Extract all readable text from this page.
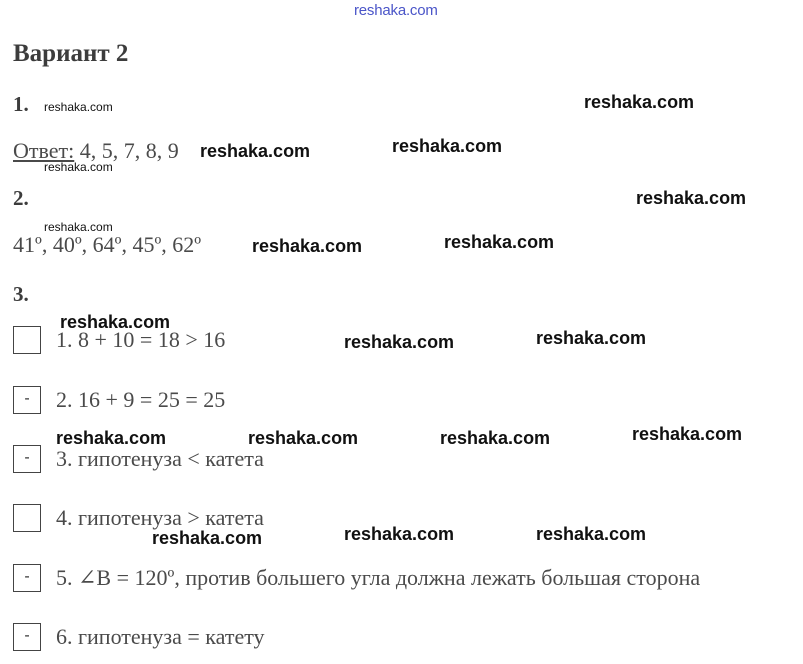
reshaka.com
Вариант 2
1.
Ответ: 4, 5, 7, 8, 9
2.
41º, 40º, 64º, 45º, 62º
3.
1. 8 + 10 = 18 > 16
-	2. 16 + 9 = 25 = 25
-	3. гипотенуза < катета
4. гипотенуза > катета
-	5. ∠B = 120º, против большего угла должна лежать большая сторона
-	6. гипотенуза = катету
reshaka.com
reshaka.com
reshaka.com
reshaka.com
reshaka.com	reshaka.com
reshaka.com
reshaka.com	reshaka.com
reshaka.com
reshaka.com	reshaka.com
reshaka.com	reshaka.com	reshaka.com	reshaka.com
reshaka.com	reshaka.com	reshaka.com
